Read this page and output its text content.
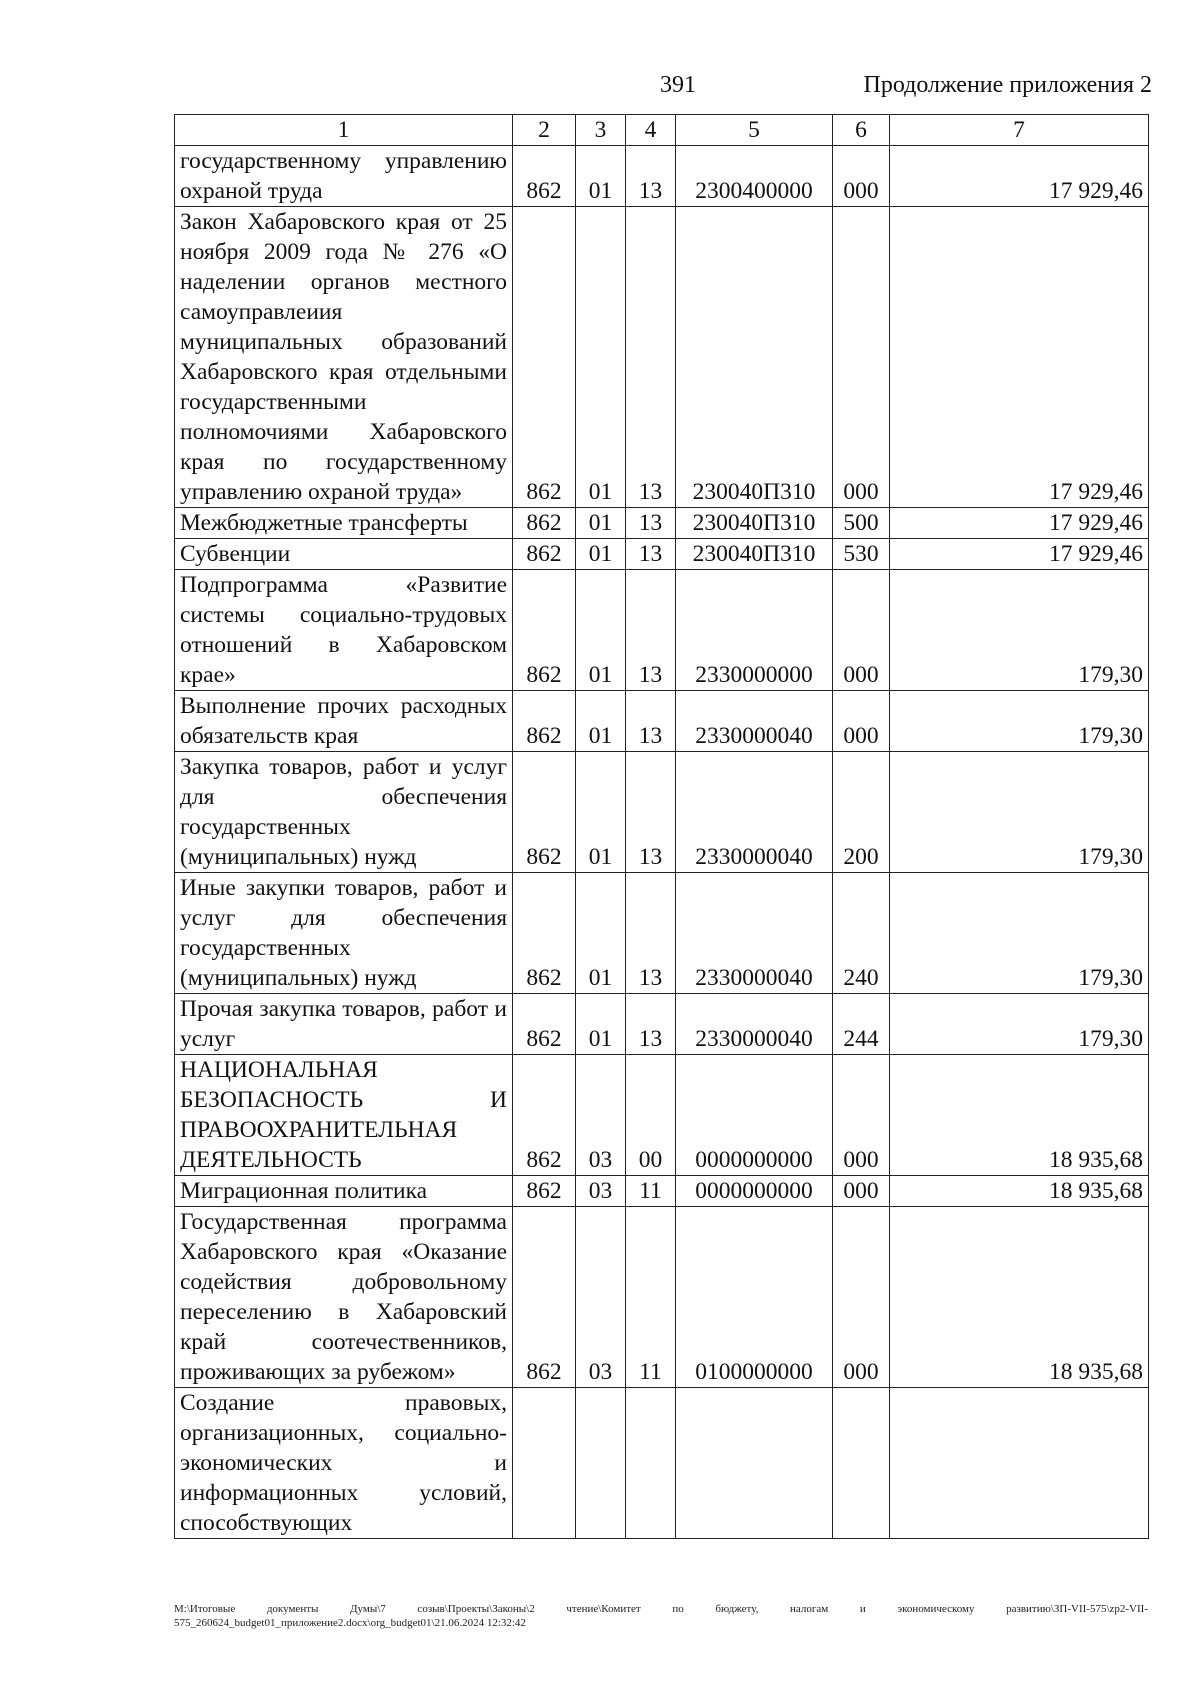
391	Продолжение приложения 2
1	2	3	4	5	6	7
государственному управлению охраной труда	862	01	13	2300400000	000	17 929,46
Закон Хабаровского края от 25 ноября 2009 года № 276 «О наделении органов местного самоуправлеиия муниципальных образований Хабаровского края отдельными государственными полномочиями Хабаровского края по государственному управлению охраной труда»	862	01	13	230040П310	000	17 929,46
Межбюджетные трансферты	862	01	13	230040П310	500	17 929,46
Субвенции	862	01	13	230040П310	530	17 929,46
Подпрограмма «Развитие системы социально-трудовых отношений в Хабаровском крае»	862	01	13	2330000000	000	179,30
Выполнение прочих расходных обязательств края	862	01	13	2330000040	000	179,30
Закупка товаров, работ и услуг для обеспечения государственных (муниципальных) нужд	862	01	13	2330000040	200	179,30
Иные закупки товаров, работ и услуг для обеспечения государственных (муниципальных) нужд	862	01	13	2330000040	240	179,30
Прочая закупка товаров, работ и услуг	862	01	13	2330000040	244	179,30
НАЦИОНАЛЬНАЯ БЕЗОПАСНОСТЬ И ПРАВООХРАНИТЕЛЬНАЯ ДЕЯТЕЛЬНОСТЬ	862	03	00	0000000000	000	18 935,68
Миграционная политика	862	03	11	0000000000	000	18 935,68
Государственная программа Хабаровского края «Оказание содействия добровольному переселению в Хабаровский край соотечественников, проживающих за рубежом»	862	03	11	0100000000	000	18 935,68
Создание правовых, организационных, социально-экономических и информационных условий, способствующих						
M:\Итоговые документы Думы\7 созыв\Проекты\Законы\2 чтение\Комитет по бюджету, налогам и экономическому развитию\ЗП-VII-575\zp2-VII-575_260624_budget01_приложение2.docx\org_budget01\21.06.2024 12:32:42
